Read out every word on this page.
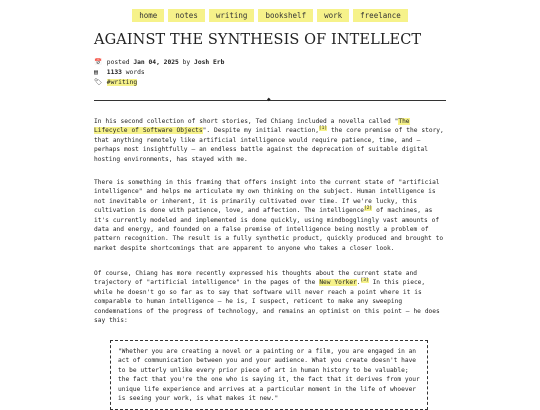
home notes writing bookshelf work freelance
AGAINST THE SYNTHESIS OF INTELLECT
📅 posted Jan 04, 2025 by Josh Erb
▤ 1133 words
🏷 #writing
◆

In his second collection of short stories, Ted Chiang included a novella called "The Lifecycle of Software Objects". Despite my initial reaction,[1] the core premise of the story, that anything remotely like artificial intelligence would require patience, time, and – perhaps most insightfully – an endless battle against the deprecation of suitable digital hosting environments, has stayed with me.

There is something in this framing that offers insight into the current state of "artificial intelligence" and helps me articulate my own thinking on the subject. Human intelligence is not inevitable or inherent, it is primarily cultivated over time. If we're lucky, this cultivation is done with patience, love, and affection. The intelligence[2] of machines, as it's currently modeled and implemented is done quickly, using mindbogglingly vast amounts of data and energy, and founded on a false premise of intelligence being mostly a problem of pattern recognition. The result is a fully synthetic product, quickly produced and brought to market despite shortcomings that are apparent to anyone who takes a closer look.

Of course, Chiang has more recently expressed his thoughts about the current state and trajectory of "artificial intelligence" in the pages of the New Yorker.[3] In this piece, while he doesn't go so far as to say that software will never reach a point where it is comparable to human intelligence – he is, I suspect, reticent to make any sweeping condemnations of the progress of technology, and remains an optimist on this point – he does say this:

"Whether you are creating a novel or a painting or a film, you are engaged in an act of communication between you and your audience. What you create doesn't have to be utterly unlike every prior piece of art in human history to be valuable; the fact that you're the one who is saying it, the fact that it derives from your unique life experience and arrives at a particular moment in the life of whoever is seeing your work, is what makes it new."
